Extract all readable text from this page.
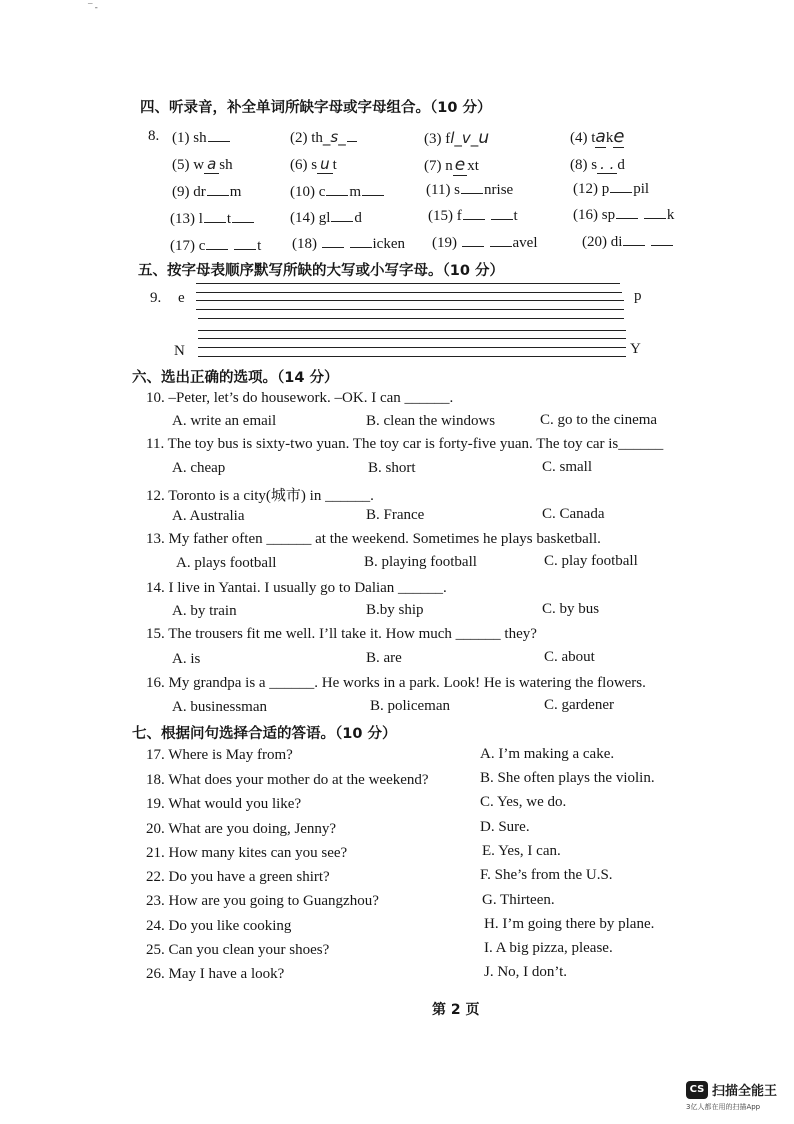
¯ -
四、听录音，补全单词所缺字母或字母组合。（10 分）
8. (1) sh	(2) th_s_	(3) fl_v_u	(4) take
(5) w a sh	(6) s u t	(7) n e xt	(8) s . . d
(9) dr m	(10) c m	(11) s nrise	(12) p pil
(13) l t	(14) gl d	(15) f	t	(16) sp	k
(17) c	t (18)	icken (19)	avel	(20) di
五、按字母表顺序默写所缺的大写或小写字母。（10 分）
9. e	p
N	Y
六、选出正确的选项。（14 分）
10. –Peter, let’s do housework. –OK. I can ______.
A. write an email	B. clean the windows	C. go to the cinema
11. The toy bus is sixty-two yuan. The toy car is forty-five yuan. The toy car is______
A. cheap	B. short	C. small
12. Toronto is a city(城市) in ______.
A. Australia	B. France	C. Canada
13. My father often ______ at the weekend. Sometimes he plays basketball.
A. plays football	B. playing football	C. play football
14. I live in Yantai. I usually go to Dalian ______.
A. by train	B.by ship	C. by bus
15. The trousers fit me well. I’ll take it. How much ______ they?
A. is	B. are	C. about
16. My grandpa is a ______. He works in a park. Look! He is watering the flowers.
A. businessman	B. policeman	C. gardener
七、根据问句选择合适的答语。（10 分）
17. Where is May from?
18. What does your mother do at the weekend?
19. What would you like?
20. What are you doing, Jenny?
21. How many kites can you see?
22. Do you have a green shirt?
23. How are you going to Guangzhou?
24. Do you like cooking
25. Can you clean your shoes?
26. May I have a look?
A. I’m making a cake.
B. She often plays the violin.
C. Yes, we do.
D. Sure.
E. Yes, I can.
F. She’s from the U.S.
G. Thirteen.
H. I’m going there by plane.
I. A big pizza, please.
J. No, I don’t.
第 2 页
CS 扫描全能王
3亿人都在用的扫描App
